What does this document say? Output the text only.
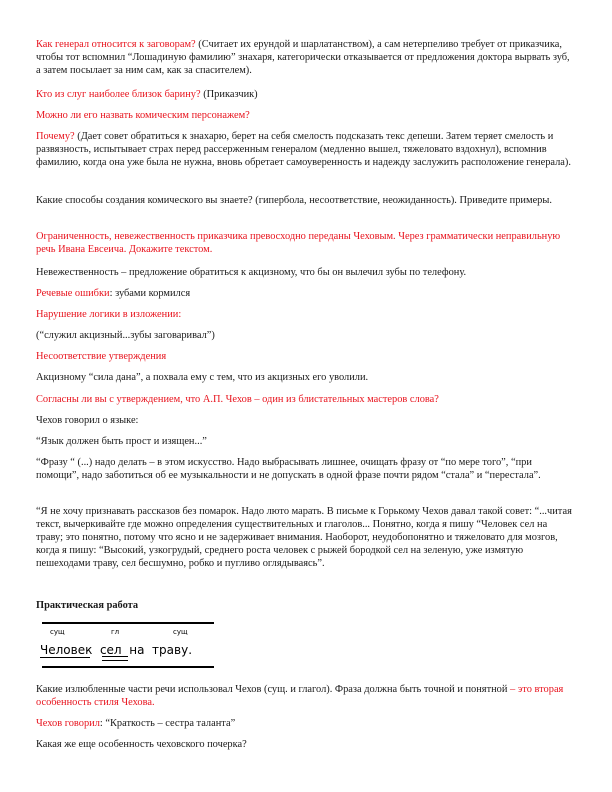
Как генерал относится к заговорам? (Считает их ерундой и шарлатанством), а сам нетерпеливо требует от приказчика, чтобы тот вспомнил “Лошадиную фамилию” знахаря, категорически отказывается от предложения доктора вырвать зуб, а затем посылает за ним сам, как за спасителем).

Кто из слуг наиболее близок барину? (Приказчик)

Можно ли его назвать комическим персонажем?

Почему? (Дает совет обратиться к знахарю, берет на себя смелость подсказать текс депеши. Затем теряет смелость и развязность, испытывает страх перед рассерженным генералом (медленно вышел, тяжеловато вздохнул), вспомнив фамилию, когда она уже была не нужна, вновь обретает самоуверенность и надежду заслужить расположение генерала).

Какие способы создания комического вы знаете? (гипербола, несоответствие, неожиданность). Приведите примеры.

Ограниченность, невежественность приказчика превосходно переданы Чеховым. Через грамматически неправильную речь Ивана Евсеича. Докажите текстом.

Невежественность – предложение обратиться к акцизному, что бы он вылечил зубы по телефону.

Речевые ошибки: зубами кормился

Нарушение логики в изложении:

(“служил акцизный...зубы заговаривал”)

Несоответствие утверждения

Акцизному “сила дана”, а похвала ему с тем, что из акцизных его уволили.

Согласны ли вы с утверждением, что А.П. Чехов – один из блистательных мастеров слова?

Чехов говорил о языке:

“Язык должен быть прост и изящен...”

“Фразу “ (...) надо делать – в этом искусство. Надо выбрасывать лишнее, очищать фразу от “по мере того”, “при помощи”, надо заботиться об ее музыкальности и не допускать в одной фразе почти рядом “стала” и “перестала”.

“Я не хочу признавать рассказов без помарок. Надо люто марать. В письме к Горькому Чехов давал такой совет: “...читая текст, вычеркивайте где можно определения существительных и глаголов... Понятно, когда я пишу “Человек сел на траву; это понятно, потому что ясно и не задерживает внимания. Наоборот, неудобопонятно и тяжеловато для мозгов, когда я пишу: “Высокий, узкогрудый, среднего роста человек с рыжей бородкой сел на зеленую, уже измятую пешеходами траву, сел бесшумно, робко и пугливо оглядываясь”.

Практическая работа

сущ	гл	сущ
Человек  сел  на  траву.

Какие излюбленные части речи использовал Чехов (сущ. и глагол). Фраза должна быть точной и понятной – это вторая особенность стиля Чехова.

Чехов говорил: “Краткость – сестра таланта”

Какая же еще особенность чеховского почерка?
